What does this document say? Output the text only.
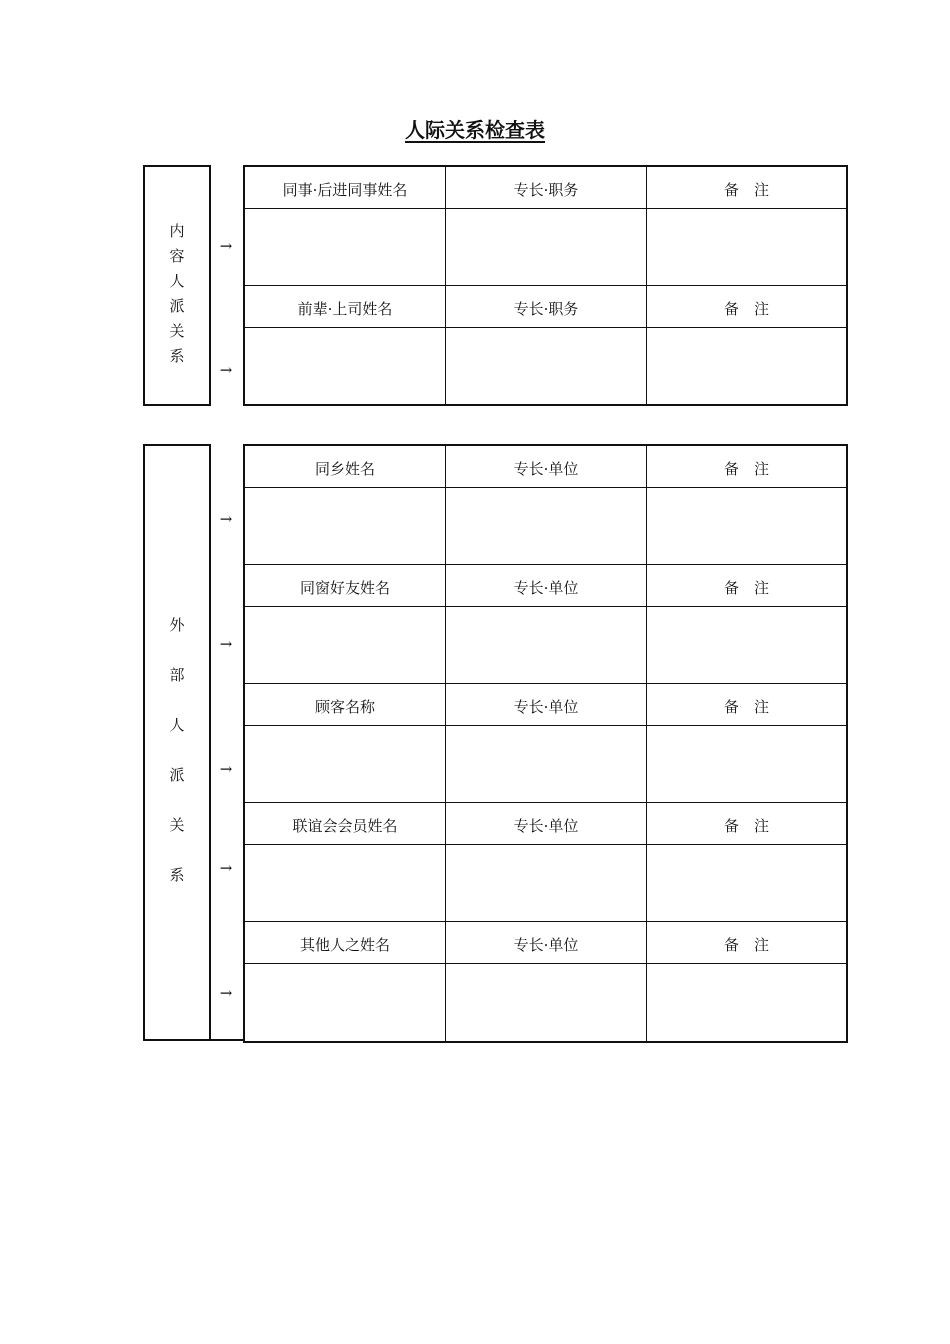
人际关系检查表
内
容
人
派
关
系
→
→
同事·后进同事姓名	专长·职务	备　注
前辈·上司姓名	专长·职务	备　注
外
部
人
派
关
系
→
→
→
→
→
同乡姓名	专长·单位	备　注
同窗好友姓名	专长·单位	备　注
顾客名称	专长·单位	备　注
联谊会会员姓名	专长·单位	备　注
其他人之姓名	专长·单位	备　注
